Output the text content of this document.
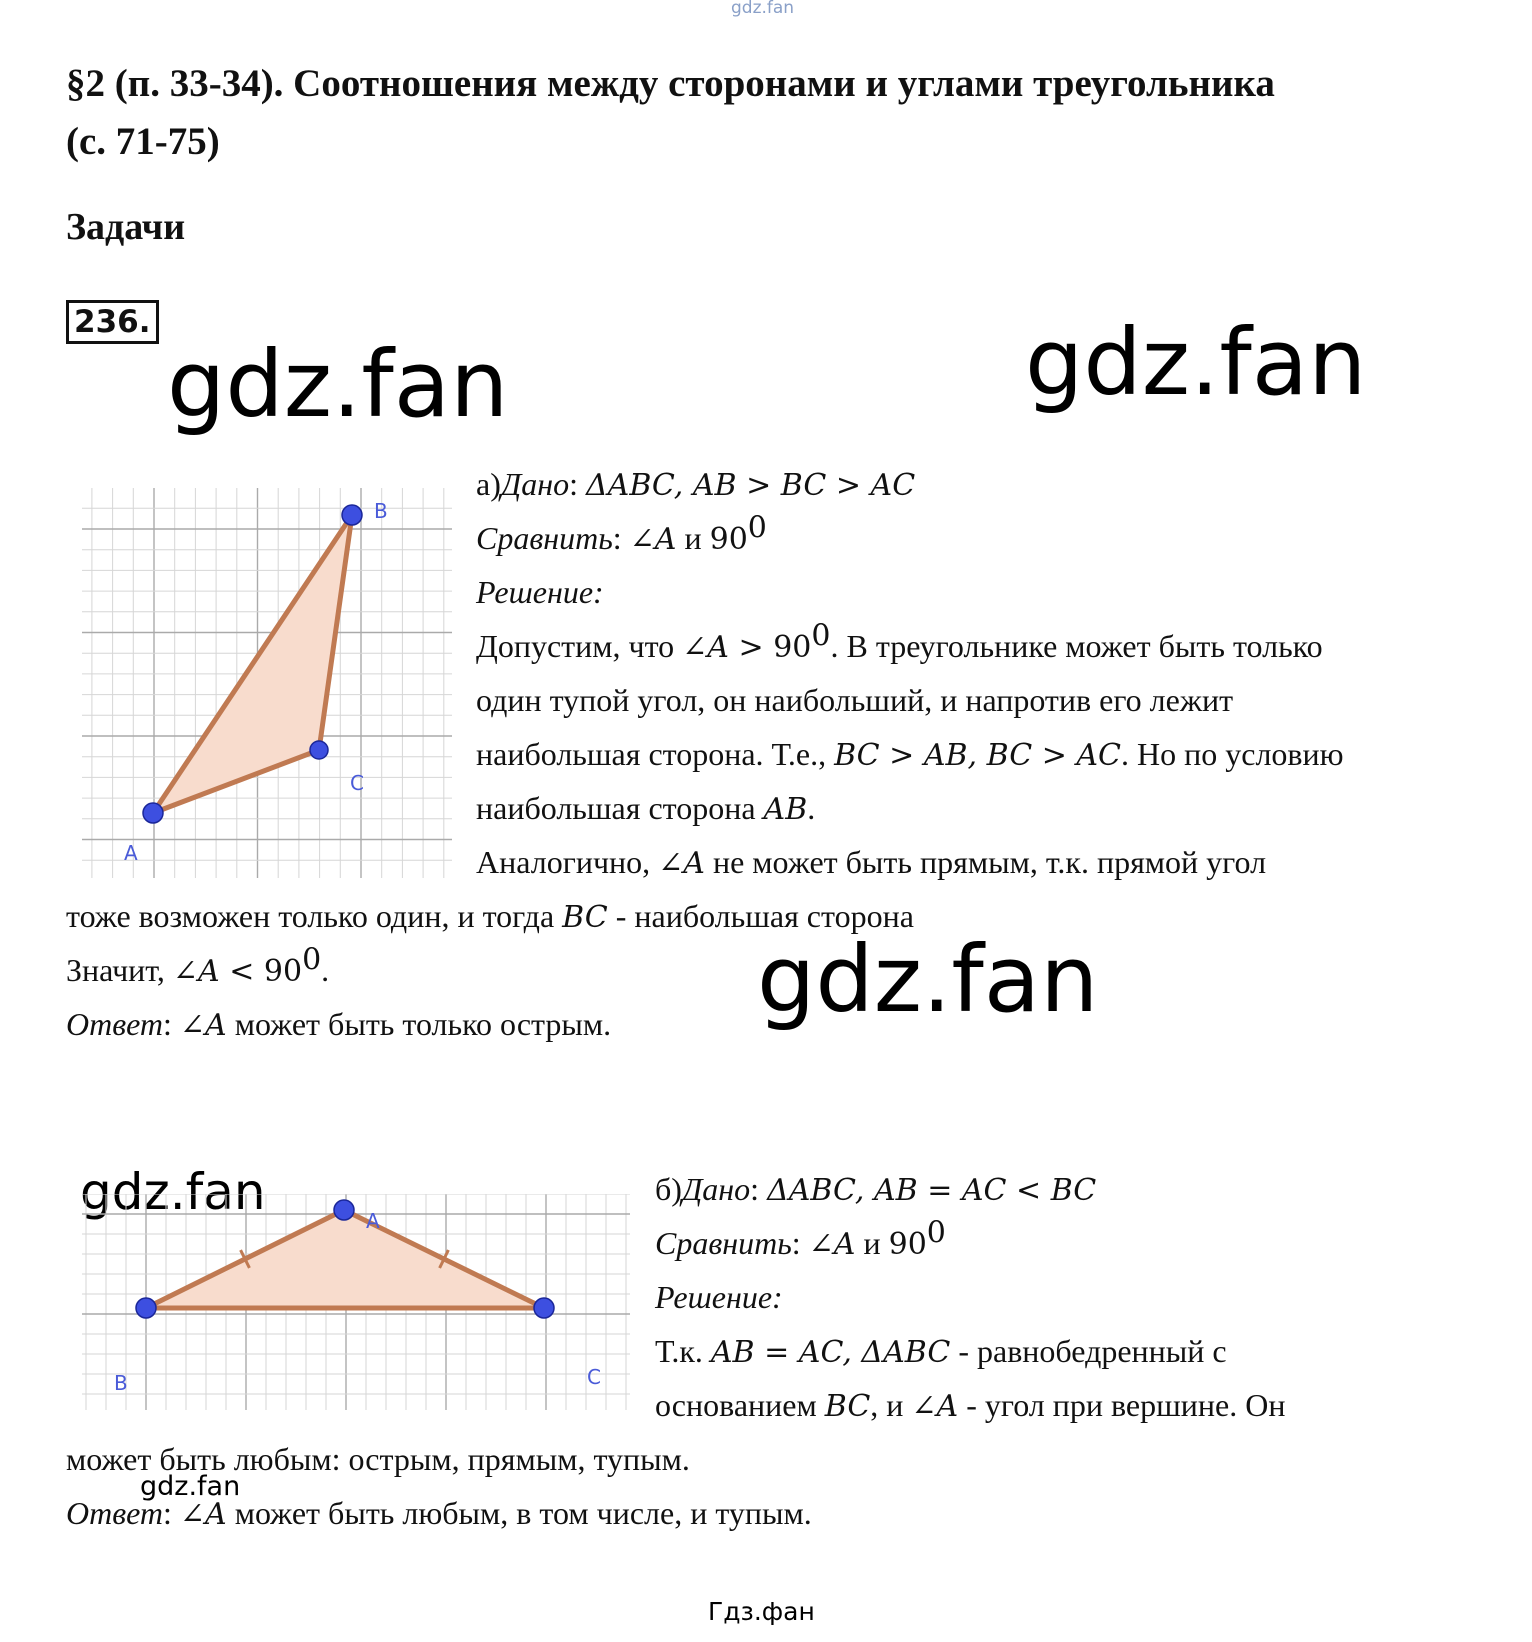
gdz.fan
§2 (п. 33-34). Соотношения между сторонами и углами треугольника
(с. 71-75)
Задачи
236.
gdz.fan	gdz.fan
gdz.fan
gdz.fan
gdz.fan
A
B
C
а)Дано: ΔABC, AB > BC > AC
Сравнить: ∠A и $90^0$
Решение:
Допустим, что ∠A > $90^0$. В треугольнике может быть только
один тупой угол, он наибольший, и напротив его лежит
наибольшая сторона. Т.е., BC > AB, BC > AC. Но по условию
наибольшая сторона AB.
Аналогично, ∠A не может быть прямым, т.к. прямой угол
тоже возможен только один, и тогда BC - наибольшая сторона
Значит, ∠A < $90^0$.
Ответ: ∠A может быть только острым.
A
B	C
б)Дано: ΔABC, AB = AC < BC
Сравнить: ∠A и $90^0$
Решение:
Т.к. AB = AC, ΔABC - равнобедренный с
основанием BC, и ∠A - угол при вершине. Он
может быть любым: острым, прямым, тупым.
Ответ: ∠A может быть любым, в том числе, и тупым.
Гдз.фан
